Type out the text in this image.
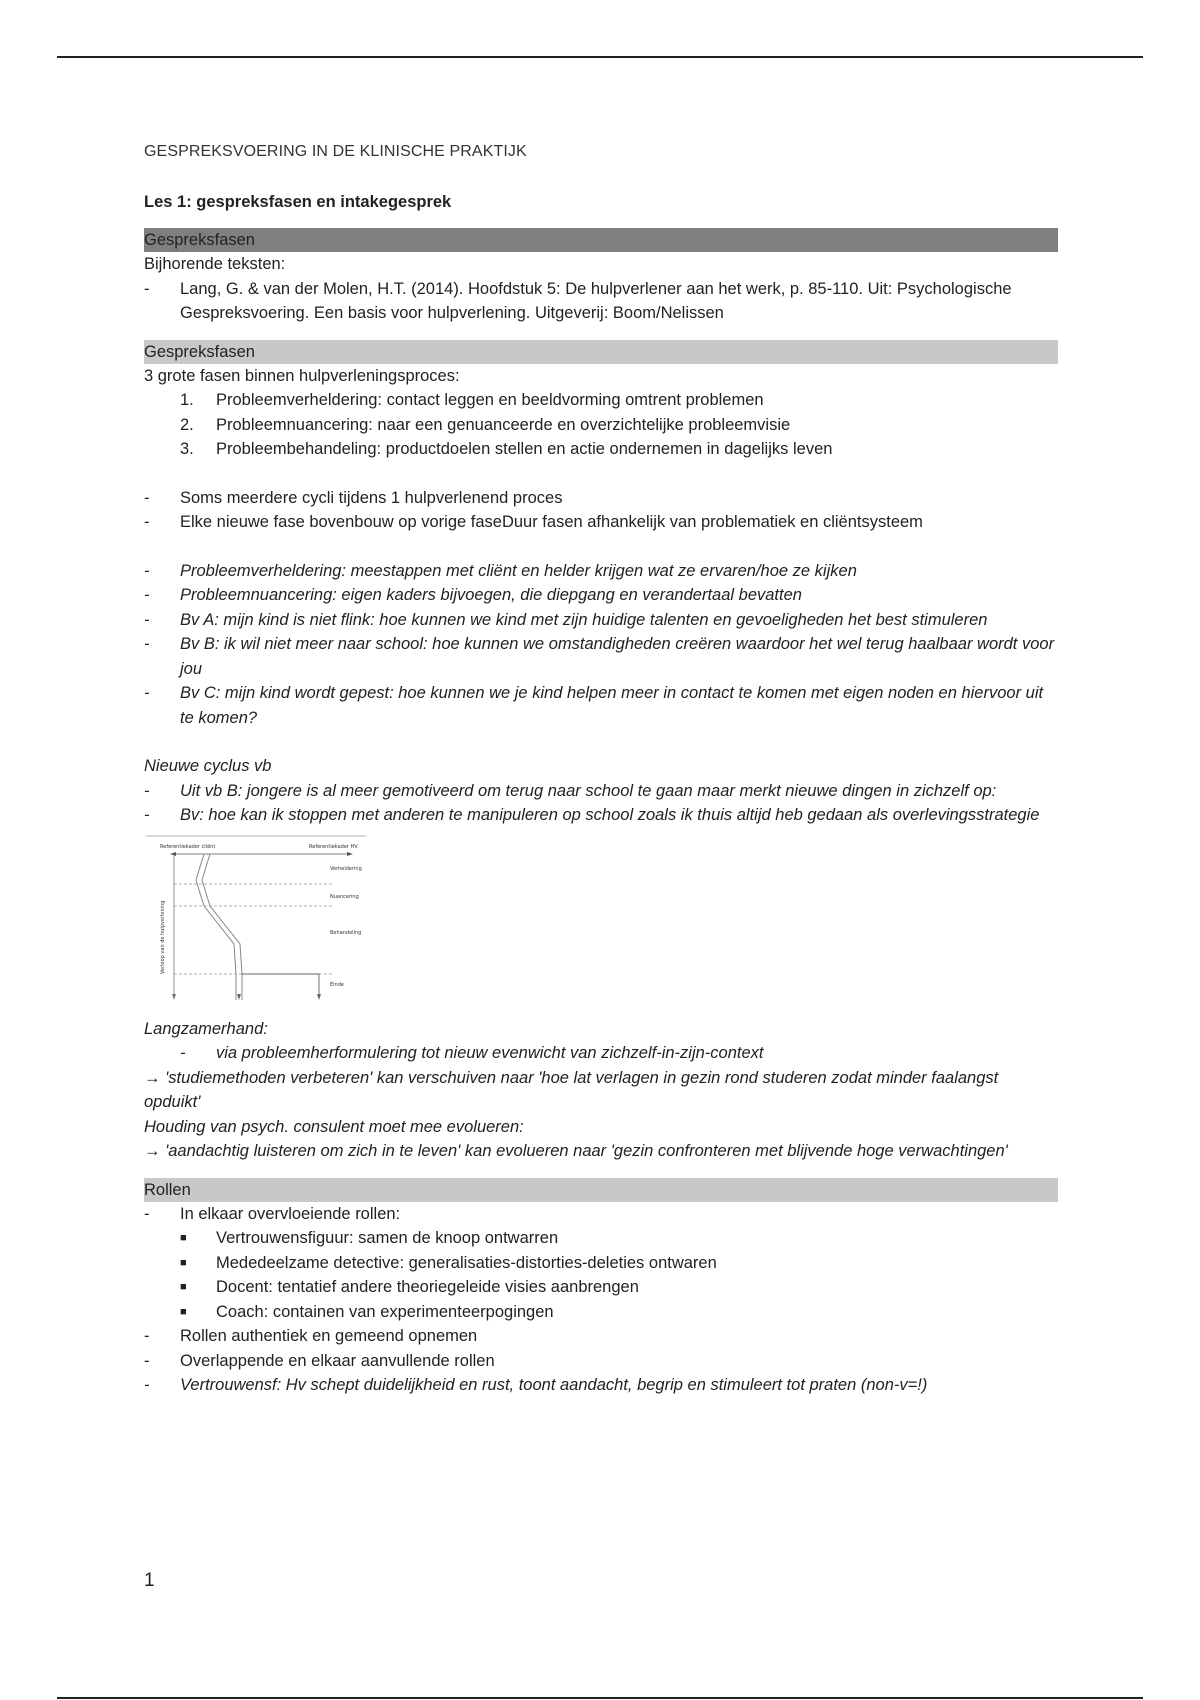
GESPREKSVOERING IN DE KLINISCHE PRAKTIJK
Les 1: gespreksfasen en intakegesprek
Gespreksfasen
Bijhorende teksten:
-	Lang, G. & van der Molen, H.T. (2014). Hoofdstuk 5: De hulpverlener aan het werk, p. 85-110. Uit: Psychologische Gespreksvoering. Een basis voor hulpverlening. Uitgeverij: Boom/Nelissen
Gespreksfasen
3 grote fasen binnen hulpverleningsproces:
1.	Probleemverheldering: contact leggen en beeldvorming omtrent problemen
2.	Probleemnuancering: naar een genuanceerde en overzichtelijke probleemvisie
3.	Probleembehandeling: productdoelen stellen en actie ondernemen in dagelijks leven
-	Soms meerdere cycli tijdens 1 hulpverlenend proces
-	Elke nieuwe fase bovenbouw op vorige faseDuur fasen afhankelijk van problematiek en cliëntsysteem
-	Probleemverheldering: meestappen met cliënt en helder krijgen wat ze ervaren/hoe ze kijken
-	Probleemnuancering: eigen kaders bijvoegen, die diepgang en verandertaal bevatten
-	Bv A: mijn kind is niet flink: hoe kunnen we kind met zijn huidige talenten en gevoeligheden het best stimuleren
-	Bv B: ik wil niet meer naar school: hoe kunnen we omstandigheden creëren waardoor het wel terug haalbaar wordt voor jou
-	Bv C: mijn kind wordt gepest: hoe kunnen we je kind helpen meer in contact te komen met eigen noden en hiervoor uit te komen?
Nieuwe cyclus vb
-	Uit vb B: jongere is al meer gemotiveerd om terug naar school te gaan maar merkt nieuwe dingen in zichzelf op:
-	Bv: hoe kan ik stoppen met anderen te manipuleren op school zoals ik thuis altijd heb gedaan als overlevingsstrategie
Referentiekader cliënt	Referentiekader HV
Verheldering
Nuancering
Behandeling
Einde
Verloop van de hulpverlening
Langzamerhand:
-	via probleemherformulering tot nieuw evenwicht van zichzelf-in-zijn-context
→ 'studiemethoden verbeteren' kan verschuiven naar 'hoe lat verlagen in gezin rond studeren zodat minder faalangst opduikt'
Houding van psych. consulent moet mee evolueren:
→ 'aandachtig luisteren om zich in te leven' kan evolueren naar 'gezin confronteren met blijvende hoge verwachtingen'
Rollen
-	In elkaar overvloeiende rollen:
■	Vertrouwensfiguur: samen de knoop ontwarren
■	Mededeelzame detective: generalisaties-distorties-deleties ontwaren
■	Docent: tentatief andere theoriegeleide visies aanbrengen
■	Coach: containen van experimenteerpogingen
-	Rollen authentiek en gemeend opnemen
-	Overlappende en elkaar aanvullende rollen
-	Vertrouwensf: Hv schept duidelijkheid en rust, toont aandacht, begrip en stimuleert tot praten (non-v=!)
1
